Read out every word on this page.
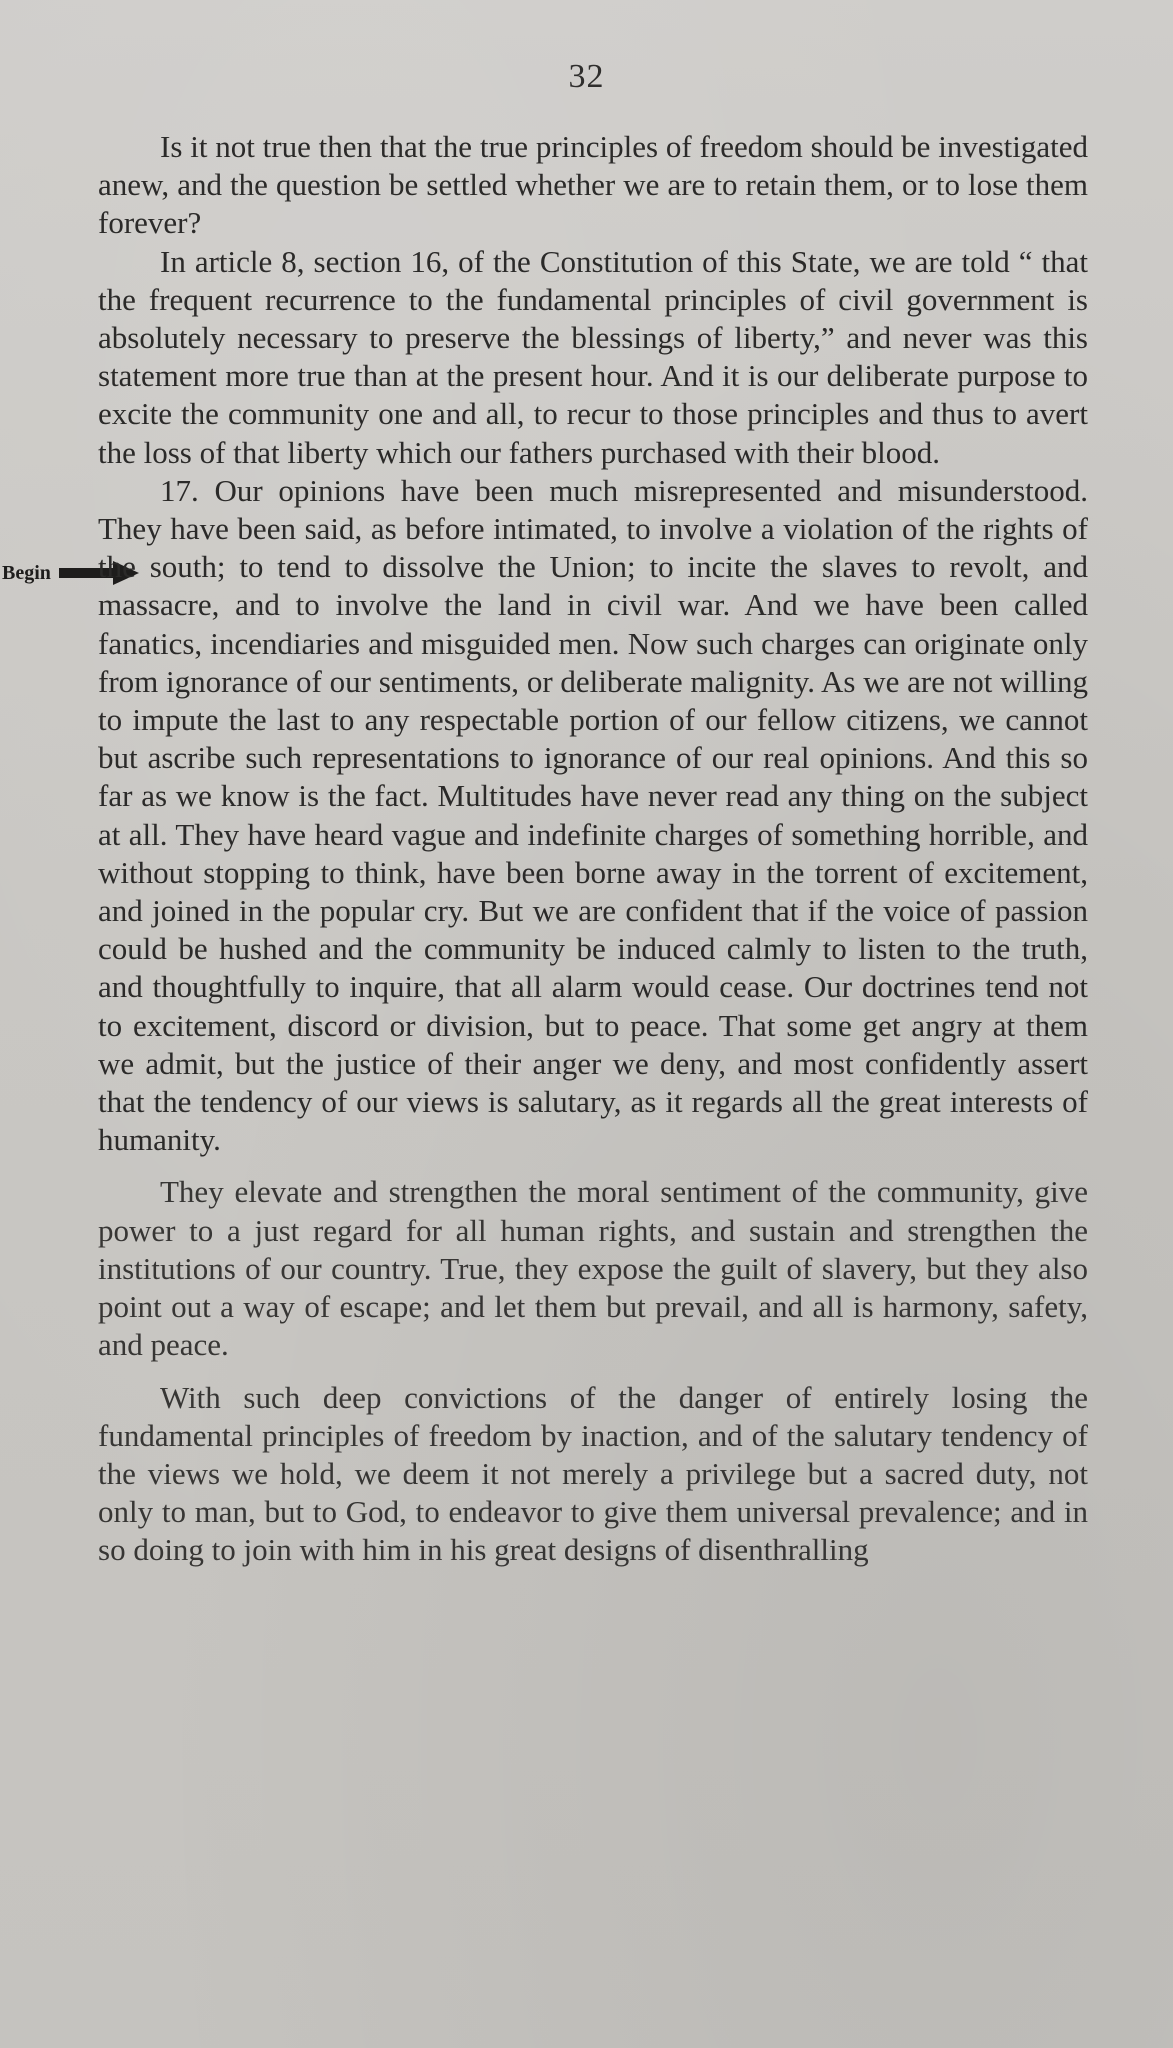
32
Begin

Is it not true then that the true principles of freedom should be investigated anew, and the question be settled whether we are to retain them, or to lose them forever?

In article 8, section 16, of the Constitution of this State, we are told “ that the frequent recurrence to the fundamental principles of civil government is absolutely necessary to preserve the blessings of liberty,” and never was this statement more true than at the present hour. And it is our deliberate purpose to excite the community one and all, to recur to those principles and thus to avert the loss of that liberty which our fathers purchased with their blood.

17. Our opinions have been much misrepresented and misunderstood. They have been said, as before intimated, to involve a violation of the rights of the south; to tend to dissolve the Union; to incite the slaves to revolt, and massacre, and to involve the land in civil war. And we have been called fanatics, incendiaries and misguided men. Now such charges can originate only from ignorance of our sentiments, or deliberate malignity. As we are not willing to impute the last to any respectable portion of our fellow citizens, we cannot but ascribe such representations to ignorance of our real opinions. And this so far as we know is the fact. Multitudes have never read any thing on the subject at all. They have heard vague and indefinite charges of something horrible, and without stopping to think, have been borne away in the torrent of excitement, and joined in the popular cry. But we are confident that if the voice of passion could be hushed and the community be induced calmly to listen to the truth, and thoughtfully to inquire, that all alarm would cease. Our doctrines tend not to excitement, discord or division, but to peace. That some get angry at them we admit, but the justice of their anger we deny, and most confidently assert that the tendency of our views is salutary, as it regards all the great interests of humanity.

They elevate and strengthen the moral sentiment of the community, give power to a just regard for all human rights, and sustain and strengthen the institutions of our country. True, they expose the guilt of slavery, but they also point out a way of escape; and let them but prevail, and all is harmony, safety, and peace.

With such deep convictions of the danger of entirely losing the fundamental principles of freedom by inaction, and of the salutary tendency of the views we hold, we deem it not merely a privilege but a sacred duty, not only to man, but to God, to endeavor to give them universal prevalence; and in so doing to join with him in his great designs of disenthralling
